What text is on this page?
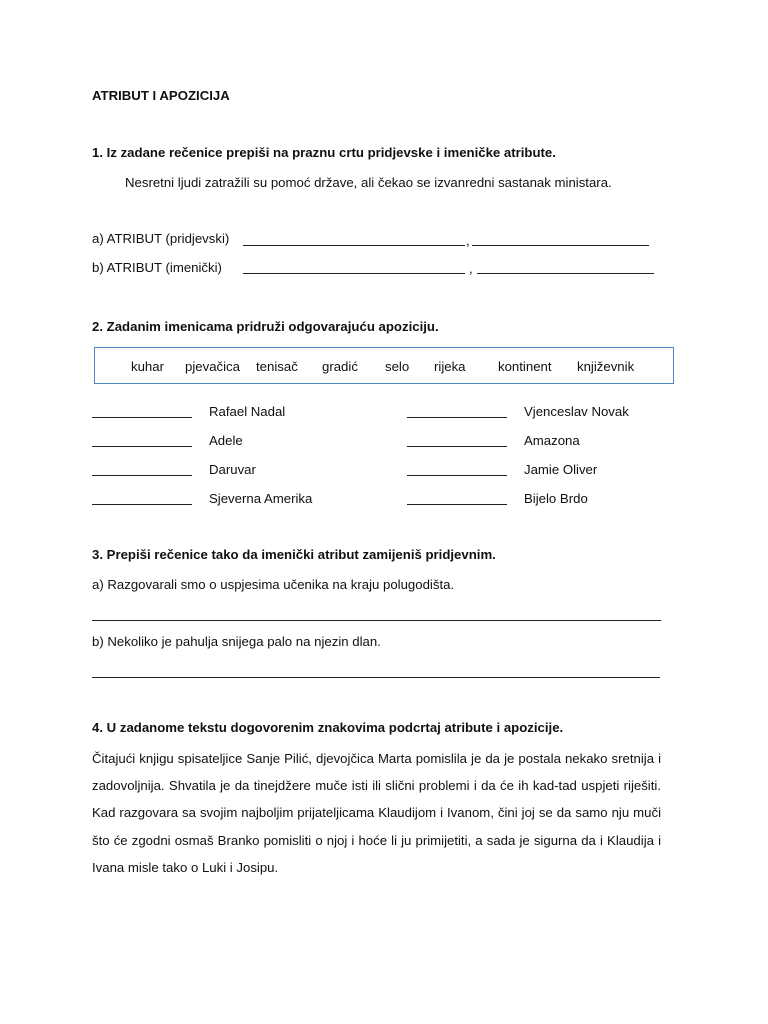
ATRIBUT I APOZICIJA
1. Iz zadane rečenice prepiši na praznu crtu pridjevske i imeničke atribute.
Nesretni ljudi zatražili su pomoć države, ali čekao se izvanredni sastanak ministara.
a) ATRIBUT (pridjevski)	,
b) ATRIBUT (imenički)	,
2. Zadanim imenicama pridruži odgovarajuću apoziciju.
kuhar pjevačica tenisač gradić selo rijeka kontinent književnik
Rafael Nadal	Vjenceslav Novak
Adele	Amazona
Daruvar	Jamie Oliver
Sjeverna Amerika	Bijelo Brdo
3. Prepiši rečenice tako da imenički atribut zamijeniš pridjevnim.
a) Razgovarali smo o uspjesima učenika na kraju polugodišta.
b) Nekoliko je pahulja snijega palo na njezin dlan.
4. U zadanome tekstu dogovorenim znakovima podcrtaj atribute i apozicije.
Čitajući knjigu spisateljice Sanje Pilić, djevojčica Marta pomislila je da je postala nekako sretnija i zadovoljnija. Shvatila je da tinejdžere muče isti ili slični problemi i da će ih kad-tad uspjeti riješiti. Kad razgovara sa svojim najboljim prijateljicama Klaudijom i Ivanom, čini joj se da samo nju muči što će zgodni osmaš Branko pomisliti o njoj i hoće li ju primijetiti, a sada je sigurna da i Klaudija i Ivana misle tako o Luki i Josipu.
